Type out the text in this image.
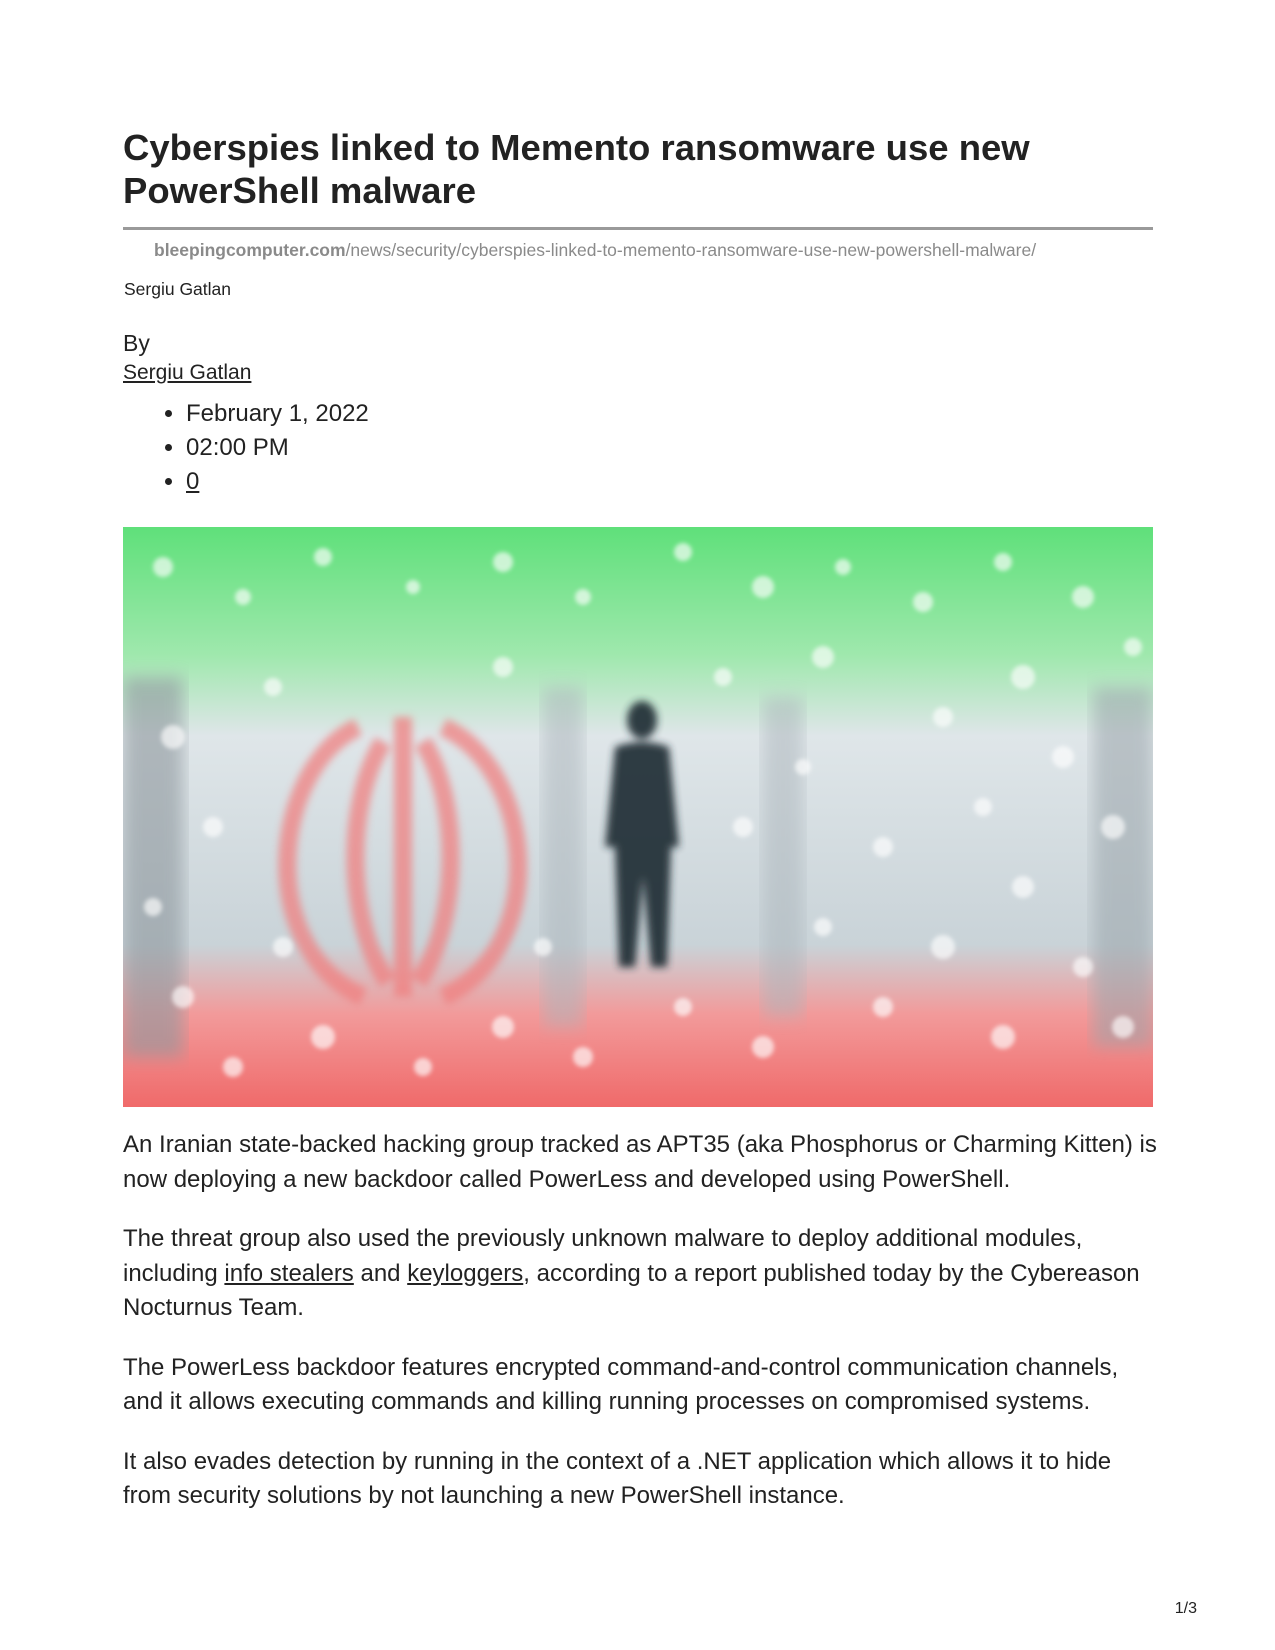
Cyberspies linked to Memento ransomware use new PowerShell malware
bleepingcomputer.com/news/security/cyberspies-linked-to-memento-ransomware-use-new-powershell-malware/
Sergiu Gatlan
By
Sergiu Gatlan
• February 1, 2022
• 02:00 PM
• 0

An Iranian state-backed hacking group tracked as APT35 (aka Phosphorus or Charming Kitten) is now deploying a new backdoor called PowerLess and developed using PowerShell.

The threat group also used the previously unknown malware to deploy additional modules, including info stealers and keyloggers, according to a report published today by the Cybereason Nocturnus Team.

The PowerLess backdoor features encrypted command-and-control communication channels, and it allows executing commands and killing running processes on compromised systems.

It also evades detection by running in the context of a .NET application which allows it to hide from security solutions by not launching a new PowerShell instance.

1/3
